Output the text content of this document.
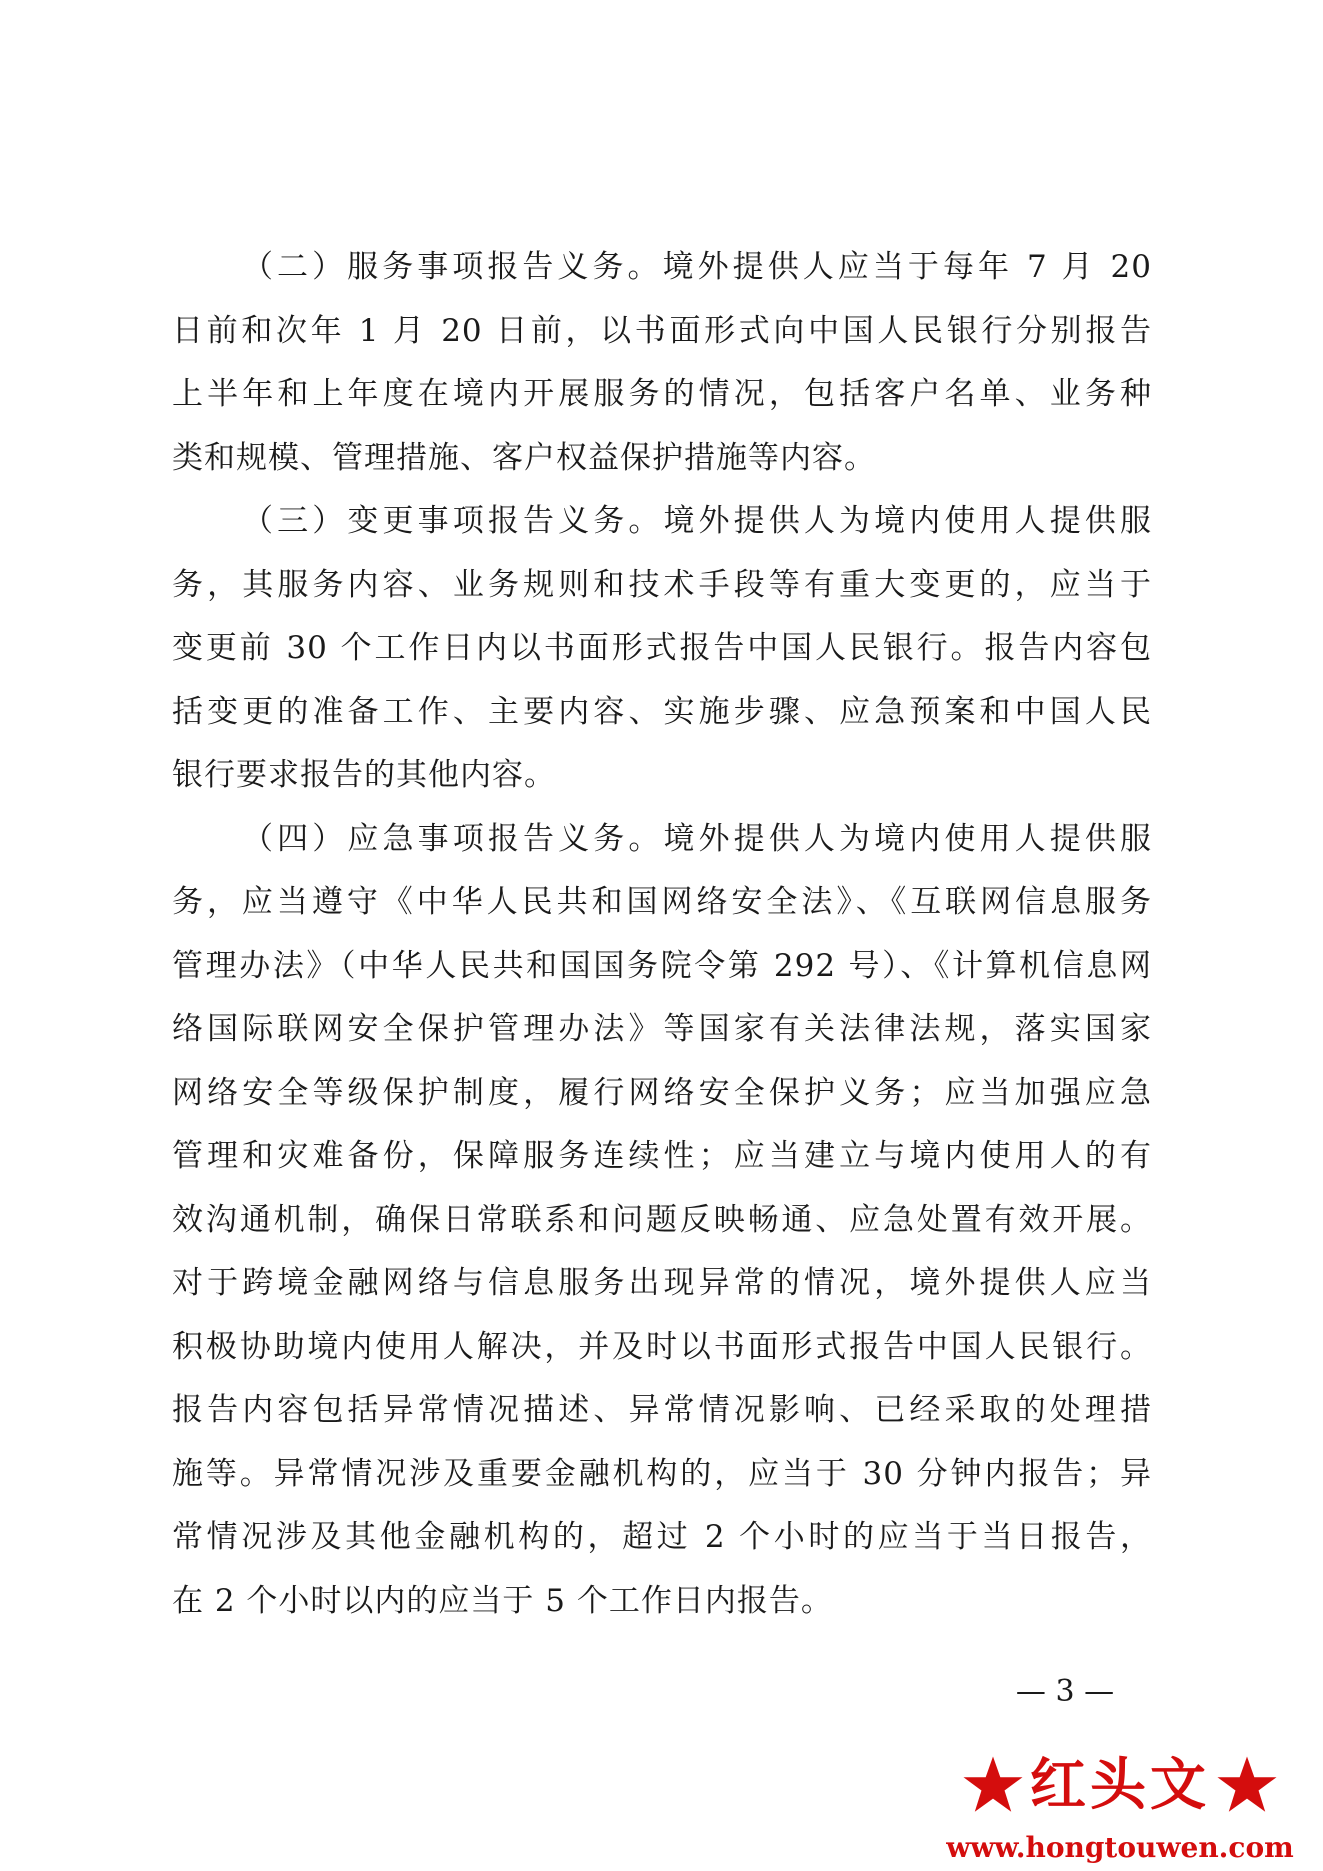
（二）服务事项报告义务。境外提供人应当于每年 7 月 20
日前和次年 1 月 20 日前，以书面形式向中国人民银行分别报告
上半年和上年度在境内开展服务的情况，包括客户名单、业务种
类和规模、管理措施、客户权益保护措施等内容。
（三）变更事项报告义务。境外提供人为境内使用人提供服
务，其服务内容、业务规则和技术手段等有重大变更的，应当于
变更前 30 个工作日内以书面形式报告中国人民银行。报告内容包
括变更的准备工作、主要内容、实施步骤、应急预案和中国人民
银行要求报告的其他内容。
（四）应急事项报告义务。境外提供人为境内使用人提供服
务，应当遵守《中华人民共和国网络安全法》、《互联网信息服务
管理办法》（中华人民共和国国务院令第 292 号）、《计算机信息网
络国际联网安全保护管理办法》等国家有关法律法规，落实国家
网络安全等级保护制度，履行网络安全保护义务；应当加强应急
管理和灾难备份，保障服务连续性；应当建立与境内使用人的有
效沟通机制，确保日常联系和问题反映畅通、应急处置有效开展。
对于跨境金融网络与信息服务出现异常的情况，境外提供人应当
积极协助境内使用人解决，并及时以书面形式报告中国人民银行。
报告内容包括异常情况描述、异常情况影响、已经采取的处理措
施等。异常情况涉及重要金融机构的，应当于 30 分钟内报告；异
常情况涉及其他金融机构的，超过 2 个小时的应当于当日报告，
在 2 个小时以内的应当于 5 个工作日内报告。
— 3 —
红头文
www.hongtouwen.com
